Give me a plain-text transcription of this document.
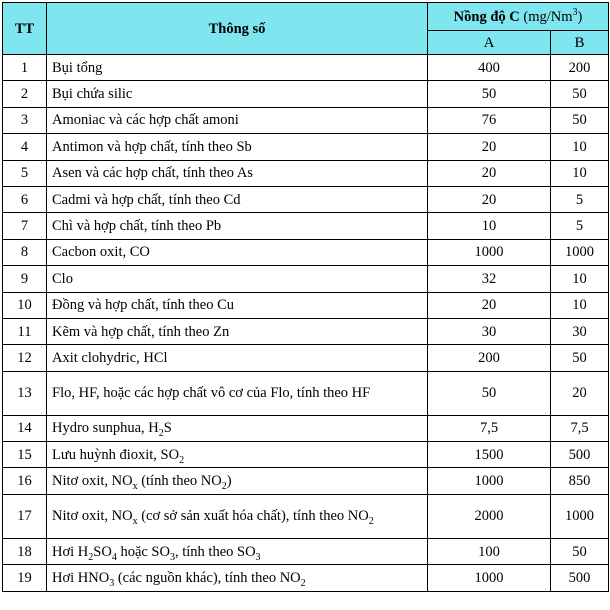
TT	Thông số	Nồng độ C (mg/Nm$^3$)	
		A	B
1	Bụi tổng	400	200
2	Bụi chứa silic	50	50
3	Amoniac và các hợp chất amoni	76	50
4	Antimon và hợp chất, tính theo Sb	20	10
5	Asen và các hợp chất, tính theo As	20	10
6	Cadmi và hợp chất, tính theo Cd	20	5
7	Chì và hợp chất, tính theo Pb	10	5
8	Cacbon oxit, CO	1000	1000
9	Clo	32	10
10	Đồng và hợp chất, tính theo Cu	20	10
11	Kẽm và hợp chất, tính theo Zn	30	30
12	Axit clohydric, HCl	200	50
13	Flo, HF, hoặc các hợp chất vô cơ của Flo, tính theo HF	50	20
14	Hydro sunphua, $H_2S$	7,5	7,5
15	Lưu huỳnh đioxit, $SO_2$	1500	500
16	Nitơ oxit, $NO_x$ (tính theo $NO_2$)	1000	850
17	Nitơ oxit, $NO_x$ (cơ sở sản xuất hóa chất), tính theo $NO_2$	2000	1000
18	Hơi $H_2SO_4$ hoặc $SO_3$, tính theo $SO_3$	100	50
19	Hơi $HNO_3$ (các nguồn khác), tính theo $NO_2$	1000	500
